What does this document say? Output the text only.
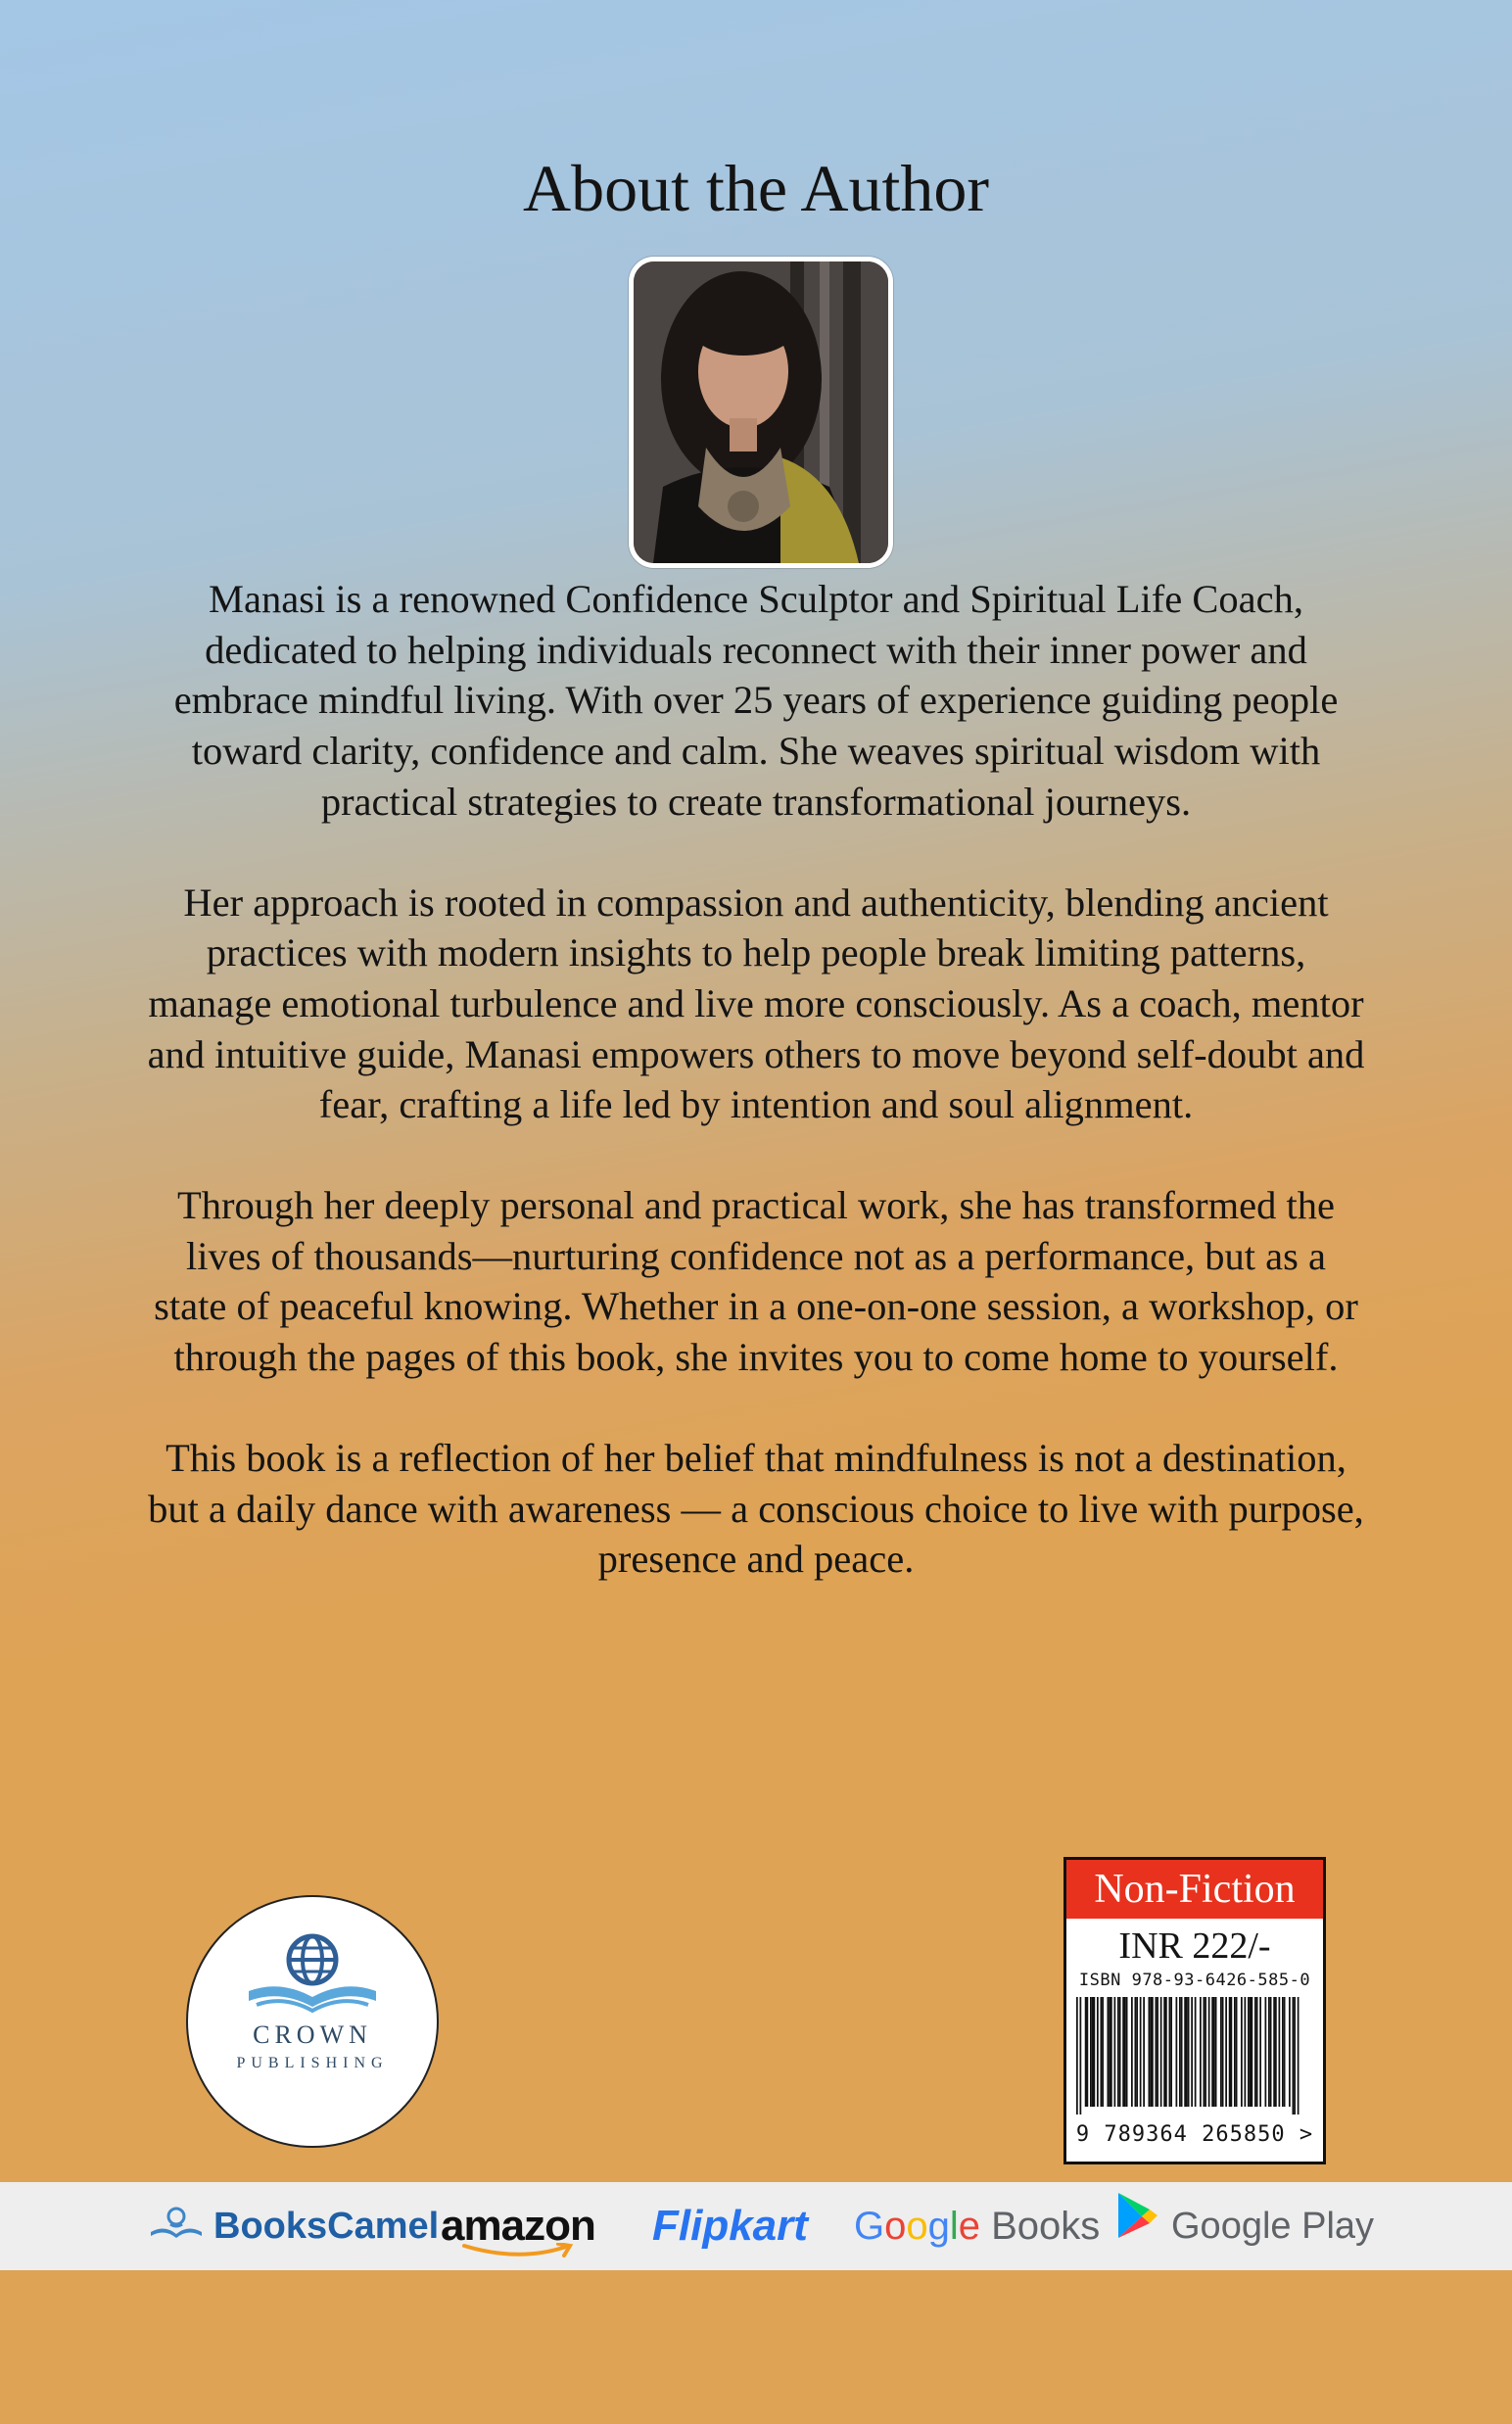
About the Author

Manasi is a renowned Confidence Sculptor and Spiritual Life Coach, dedicated to helping individuals reconnect with their inner power and embrace mindful living. With over 25 years of experience guiding people toward clarity, confidence and calm. She weaves spiritual wisdom with practical strategies to create transformational journeys.

Her approach is rooted in compassion and authenticity, blending ancient practices with modern insights to help people break limiting patterns, manage emotional turbulence and live more consciously. As a coach, mentor and intuitive guide, Manasi empowers others to move beyond self-doubt and fear, crafting a life led by intention and soul alignment.

Through her deeply personal and practical work, she has transformed the lives of thousands—nurturing confidence not as a performance, but as a state of peaceful knowing. Whether in a one-on-one session, a workshop, or through the pages of this book, she invites you to come home to yourself.

This book is a reflection of her belief that mindfulness is not a destination, but a daily dance with awareness — a conscious choice to live with purpose, presence and peace.

CROWN
PUBLISHING
Non-Fiction
INR 222/-
ISBN 978-93-6426-585-0
9 789364 265850 >
BooksCamel amazon Flipkart Google Books	Google Play
